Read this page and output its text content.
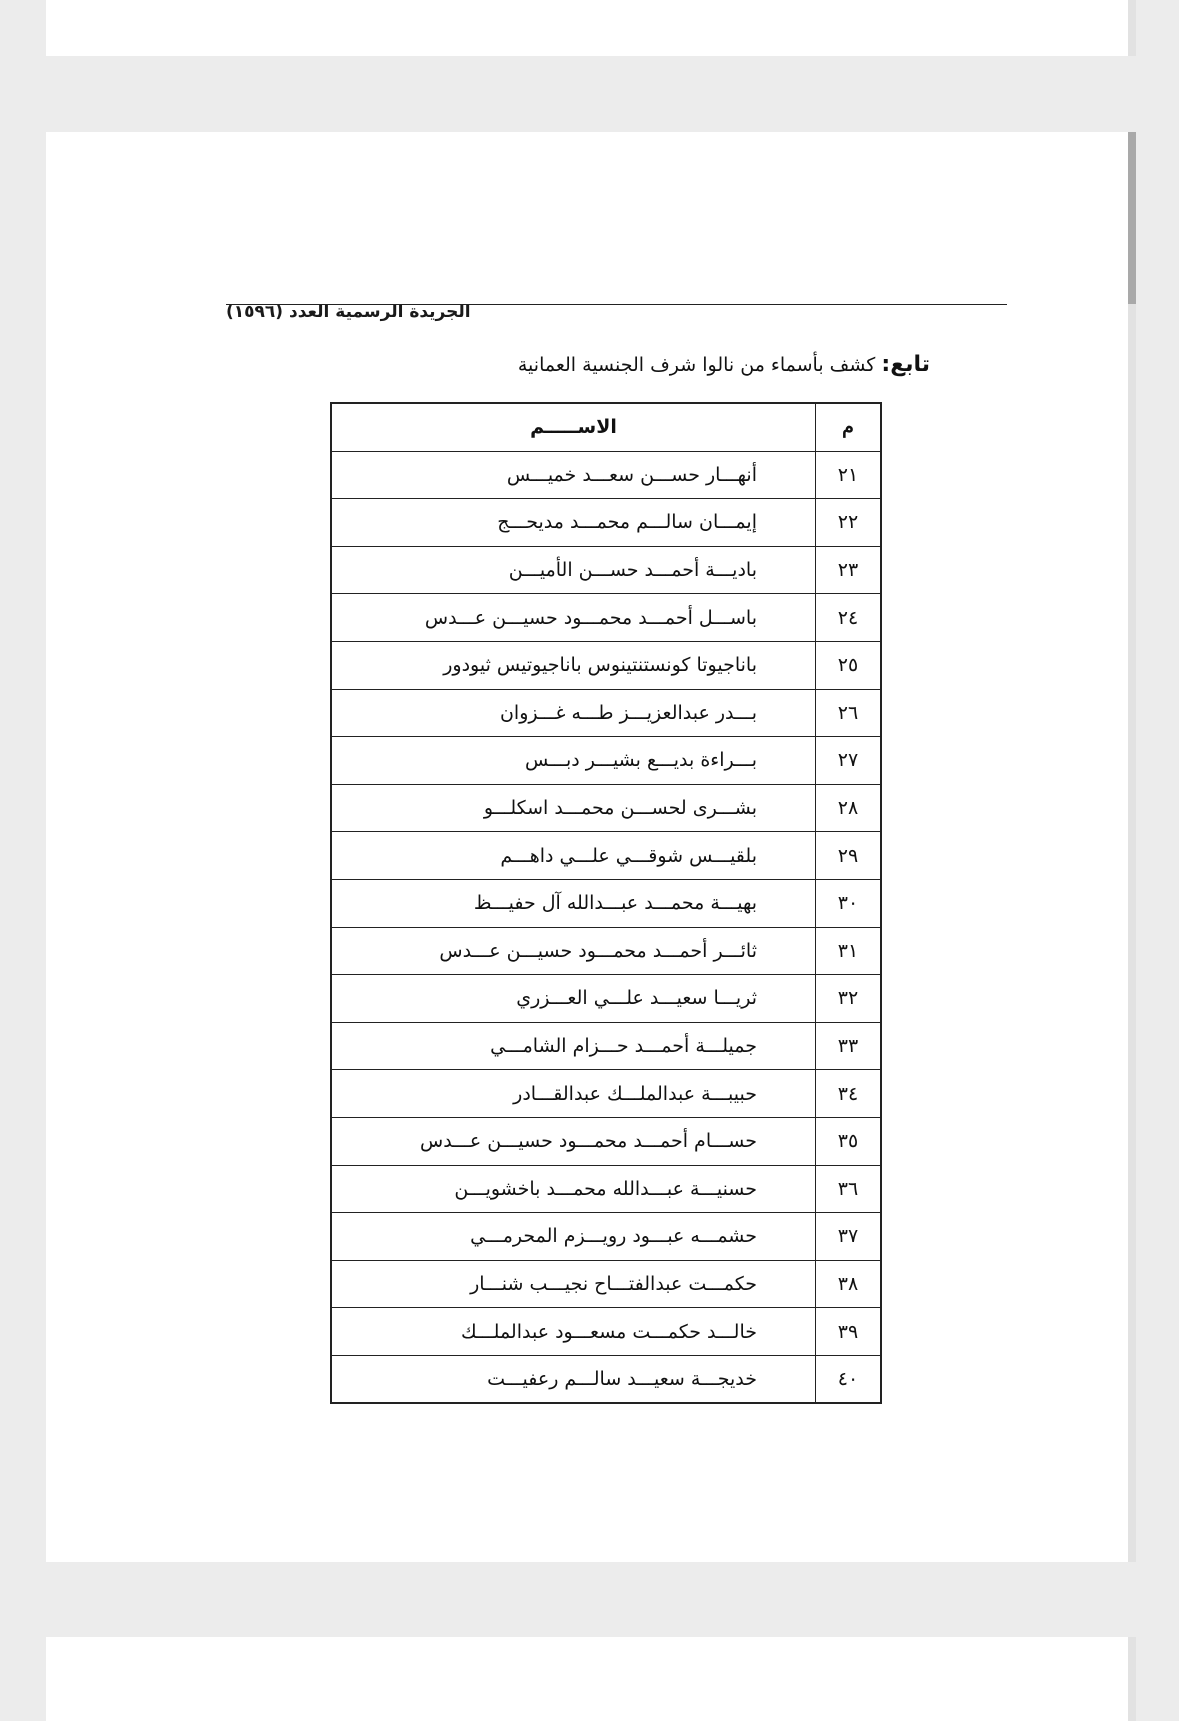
الجريدة الرسمية العدد (١٥٩٦)
تابع: كشف بأسماء من نالوا شرف الجنسية العمانية
م	الاســـــم
٢١	أنهـــار حســـن سعـــد خميـــس
٢٢	إيمـــان سالـــم محمـــد مديحـــج
٢٣	باديـــة أحمـــد حســـن الأميـــن
٢٤	باســـل أحمـــد محمـــود حسيـــن عـــدس
٢٥	باناجيوتا كونستنتينوس باناجيوتيس ثيودور
٢٦	بـــدر عبدالعزيـــز طـــه غـــزوان
٢٧	بـــراءة بديـــع بشيـــر دبـــس
٢٨	بشـــرى لحســـن محمـــد اسكلـــو
٢٩	بلقيـــس شوقـــي علـــي داهـــم
٣٠	بهيـــة محمـــد عبـــدالله آل حفيـــظ
٣١	ثائـــر أحمـــد محمـــود حسيـــن عـــدس
٣٢	ثريـــا سعيـــد علـــي العـــزري
٣٣	جميلـــة أحمـــد حـــزام الشامـــي
٣٤	حبيبـــة عبدالملـــك عبدالقـــادر
٣٥	حســـام أحمـــد محمـــود حسيـــن عـــدس
٣٦	حسنيـــة عبـــدالله محمـــد باخشويـــن
٣٧	حشمـــه عبـــود رويـــزم المحرمـــي
٣٨	حكمـــت عبدالفتـــاح نجيـــب شنـــار
٣٩	خالـــد حكمـــت مسعـــود عبدالملـــك
٤٠	خديجـــة سعيـــد سالـــم رعفيـــت
